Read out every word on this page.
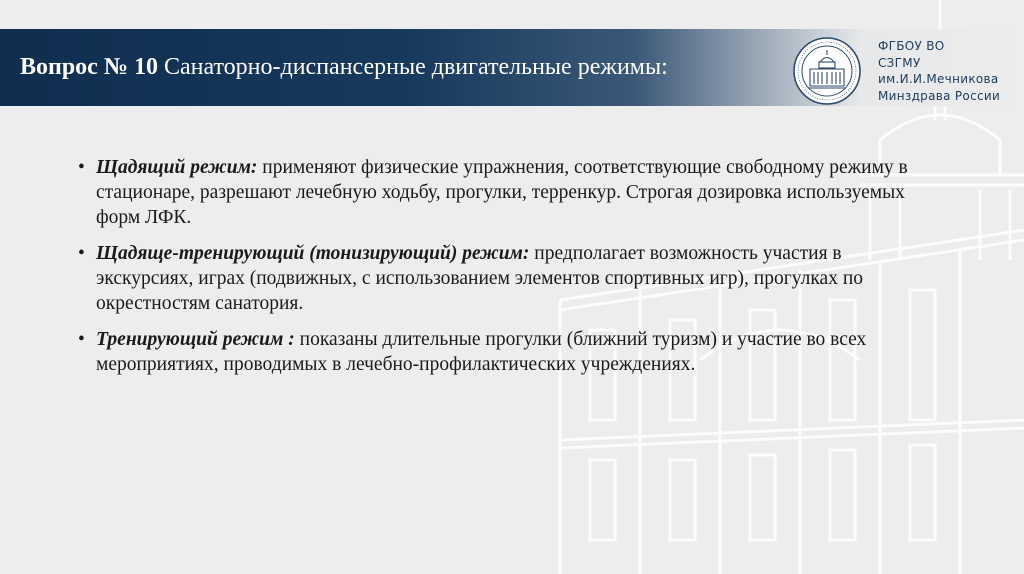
Вопрос № 10 Санаторно-диспансерные двигательные режимы:
ФГБОУ ВО
СЗГМУ
им.И.И.Мечникова
Минздрава России
• Щадящий режим: применяют физические упражнения, соответствующие свободному режиму в стационаре, разрешают лечебную ходьбу, прогулки, терренкур. Строгая дозировка используемых форм ЛФК.
• Щадяще-тренирующий (тонизирующий) режим: предполагает возможность участия в экскурсиях, играх (подвижных, с использованием элементов спортивных игр), прогулках по окрестностям санатория.
• Тренирующий режим : показаны длительные прогулки (ближний туризм) и участие во всех мероприятиях, проводимых в лечебно-профилактических учреждениях.
